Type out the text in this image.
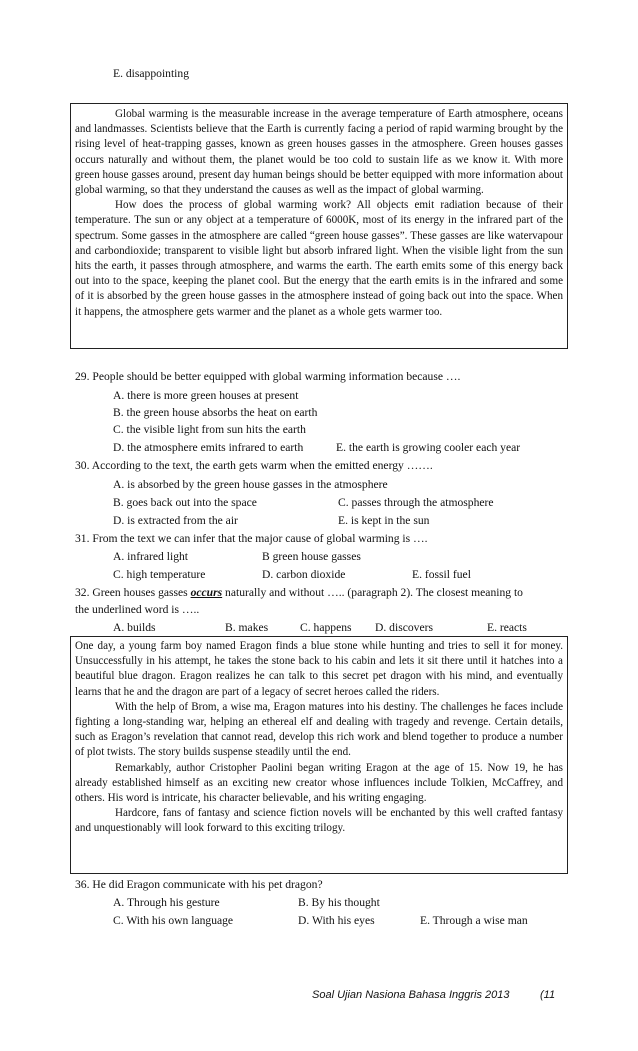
E. disappointing

Global warming is the measurable increase in the average temperature of Earth atmosphere, oceans and landmasses. Scientists believe that the Earth is currently facing a period of rapid warming brought by the rising level of heat-trapping gasses, known as green houses gasses in the atmosphere. Green houses gasses occurs naturally and without them, the planet would be too cold to sustain life as we know it. With more green house gasses around, present day human beings should be better equipped with more information about global warming, so that they understand the causes as well as the impact of global warming.

How does the process of global warming work? All objects emit radiation because of their temperature. The sun or any object at a temperature of 6000K, most of its energy in the infrared part of the spectrum. Some gasses in the atmosphere are called “green house gasses”. These gasses are like watervapour and carbondioxide; transparent to visible light but absorb infrared light. When the visible light from the sun hits the earth, it passes through atmosphere, and warms the earth. The earth emits some of this energy back out into to the space, keeping the planet cool. But the energy that the earth emits is in the infrared and some of it is absorbed by the green house gasses in the atmosphere instead of going back out into the space. When it happens, the atmosphere gets warmer and the planet as a whole gets warmer too.

29. People should be better equipped with global warming information because ….
A. there is more green houses at present
B. the green house absorbs the heat on earth
C. the visible light from sun hits the earth
D. the atmosphere emits infrared to earth	E. the earth is growing cooler each year
30. According to the text, the earth gets warm when the emitted energy …….
A. is absorbed by the green house gasses in the atmosphere
B. goes back out into the space	C. passes through the atmosphere
D. is extracted from the air	E. is kept in the sun
31. From the text we can infer that the major cause of global warming is ….
A. infrared light	B green house gasses
C. high temperature	D. carbon dioxide	E. fossil fuel
32. Green houses gasses occurs naturally and without ….. (paragraph 2). The closest meaning to
the underlined word is …..
A. builds	B. makes	C. happens D. discovers	E. reacts

One day, a young farm boy named Eragon finds a blue stone while hunting and tries to sell it for money. Unsuccessfully in his attempt, he takes the stone back to his cabin and lets it sit there until it hatches into a beautiful blue dragon. Eragon realizes he can talk to this secret pet dragon with his mind, and eventually learns that he and the dragon are part of a legacy of secret heroes called the riders.

With the help of Brom, a wise ma, Eragon matures into his destiny. The challenges he faces include fighting a long-standing war, helping an ethereal elf and dealing with tragedy and revenge. Certain details, such as Eragon’s revelation that cannot read, develop this rich work and blend together to produce a number of plot twists. The story builds suspense steadily until the end.

Remarkably, author Cristopher Paolini began writing Eragon at the age of 15. Now 19, he has already established himself as an exciting new creator whose influences include Tolkien, McCaffrey, and others. His word is intricate, his character believable, and his writing engaging.

Hardcore, fans of fantasy and science fiction novels will be enchanted by this well crafted fantasy and unquestionably will look forward to this exciting trilogy.

36. He did Eragon communicate with his pet dragon?
A. Through his gesture	B. By his thought
C. With his own language	D. With his eyes	E. Through a wise man
Soal Ujian Nasiona Bahasa Inggris 2013	(11
